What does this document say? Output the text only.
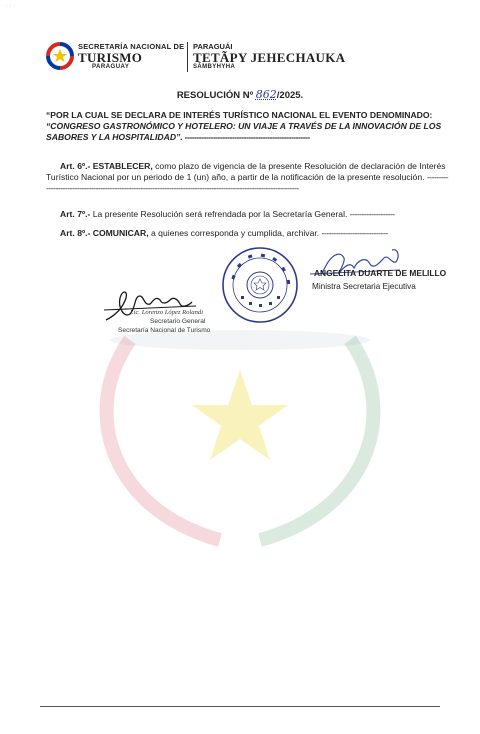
· · ·
SECRETARÍA NACIONAL DE
TURISMO
PARAGUAY
PARAGUÁI
TETÃPY JEHECHAUKA
SÃMBYHYHA
RESOLUCIÓN Nº 862/2025.
“POR LA CUAL SE DECLARA DE INTERÉS TURÍSTICO NACIONAL EL EVENTO DENOMINADO: “CONGRESO GASTRONÓMICO Y HOTELERO: UN VIAJE A TRAVÉS DE LA INNOVACIÓN DE LOS SABORES Y LA HOSPITALIDAD”. -----------------------------------------------------
Art. 6º.- ESTABLECER, como plazo de vigencia de la presente Resolución de declaración de Interés Turístico Nacional por un periodo de 1 (un) año, a partir de la notificación de la presente resolución. --------------------------------------------------------------------------------------------------------------------
Art. 7º.- La presente Resolución será refrendada por la Secretaría General. -------------------
Art. 8º.- COMUNICAR, a quienes corresponda y cumplida, archivar. ----------------------------
ANGELITA DUARTE DE MELILLO
Ministra Secretaria Ejecutiva
Lic. Lorenzo López Rolandi
Secretario General
Secretaría Nacional de Turismo
